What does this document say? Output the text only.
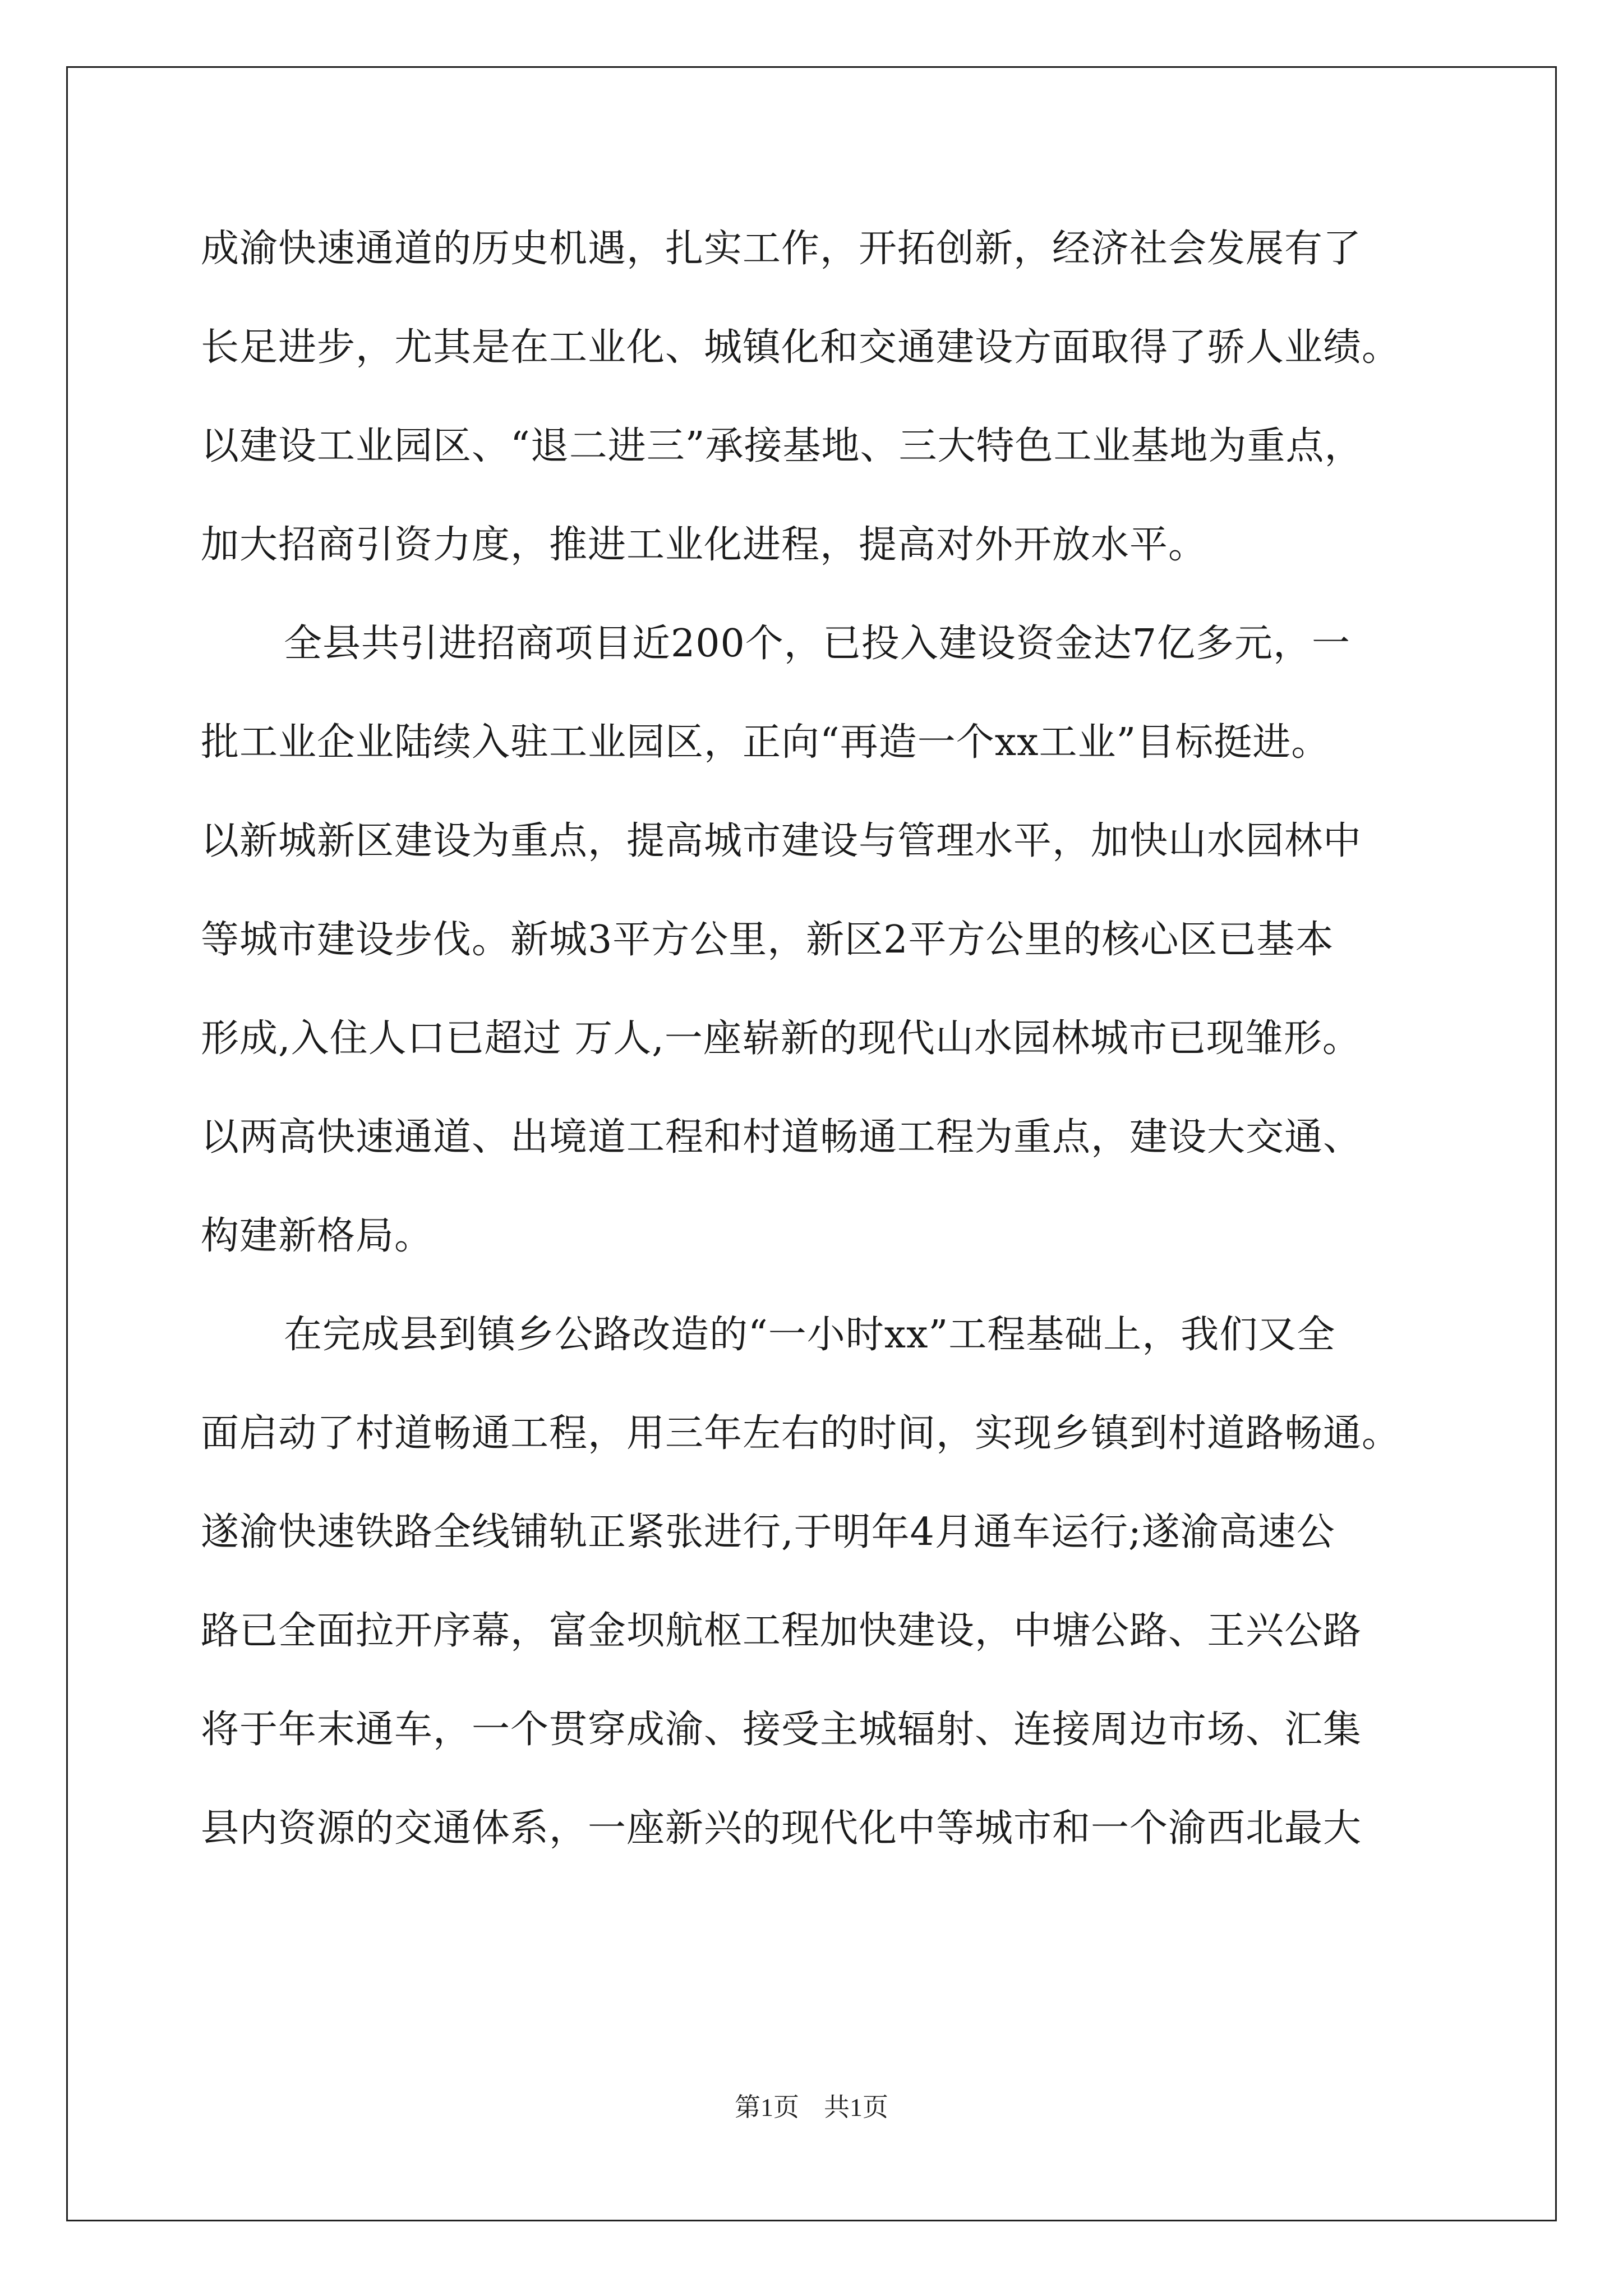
成渝快速通道的历史机遇，扎实工作，开拓创新，经济社会发展有了
长足进步，尤其是在工业化、城镇化和交通建设方面取得了骄人业绩。
以建设工业园区、“退二进三”承接基地、三大特色工业基地为重点，
加大招商引资力度，推进工业化进程，提高对外开放水平。
全县共引进招商项目近200个，已投入建设资金达7亿多元，一
批工业企业陆续入驻工业园区，正向“再造一个xx工业”目标挺进。
以新城新区建设为重点，提高城市建设与管理水平，加快山水园林中
等城市建设步伐。新城3平方公里，新区2平方公里的核心区已基本
形成,入住人口已超过 万人,一座崭新的现代山水园林城市已现雏形。
以两高快速通道、出境道工程和村道畅通工程为重点，建设大交通、
构建新格局。
在完成县到镇乡公路改造的“一小时xx”工程基础上，我们又全
面启动了村道畅通工程，用三年左右的时间，实现乡镇到村道路畅通。
遂渝快速铁路全线铺轨正紧张进行,于明年4月通车运行;遂渝高速公
路已全面拉开序幕，富金坝航枢工程加快建设，中塘公路、王兴公路
将于年末通车，一个贯穿成渝、接受主城辐射、连接周边市场、汇集
县内资源的交通体系，一座新兴的现代化中等城市和一个渝西北最大
第1页 共1页
